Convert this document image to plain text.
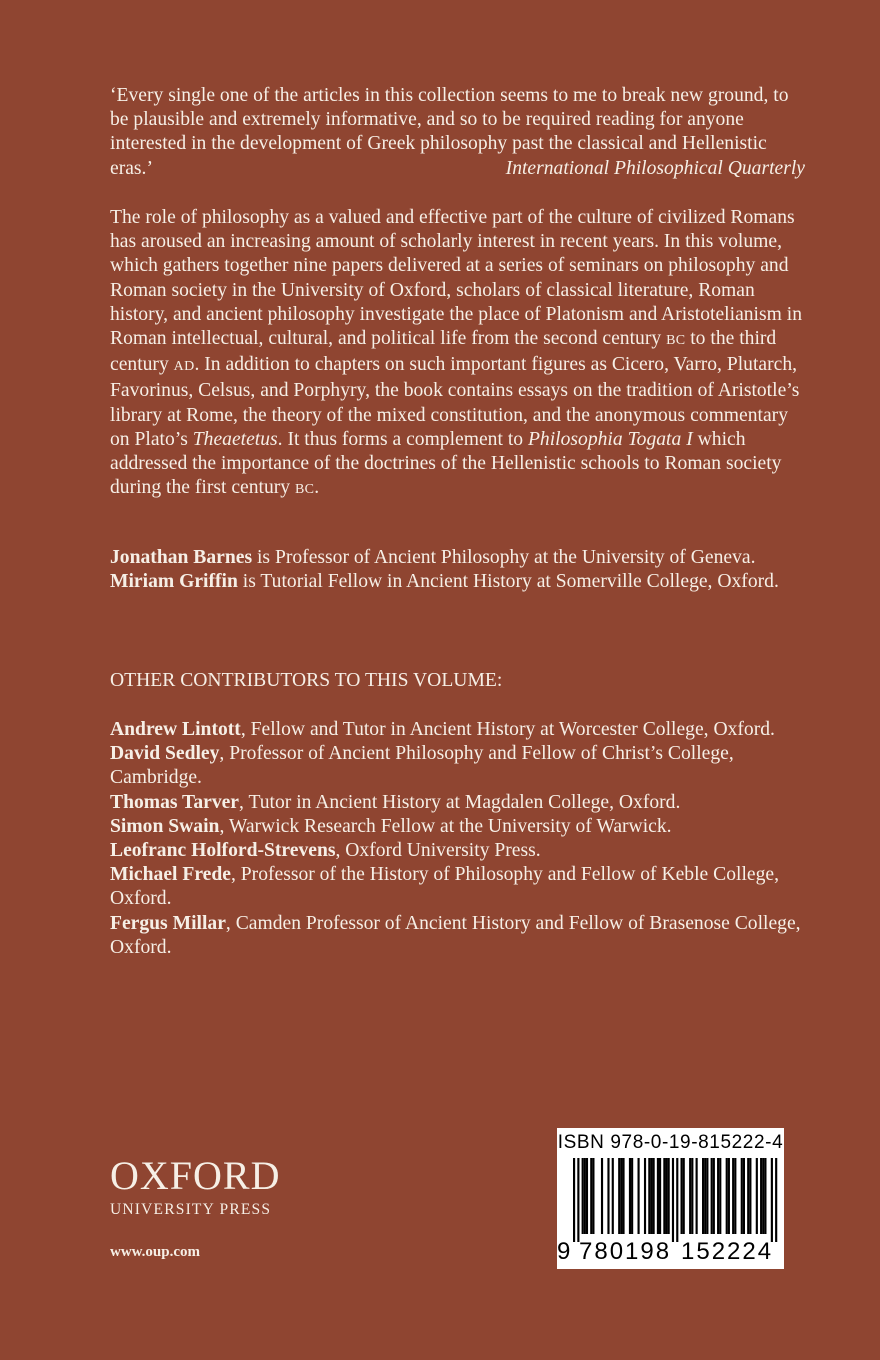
‘Every single one of the articles in this collection seems to me to break new ground, to be plausible and extremely informative, and so to be required reading for anyone interested in the development of Greek philosophy past the classical and Hellenistic eras.’	International Philosophical Quarterly

The role of philosophy as a valued and effective part of the culture of civilized Romans has aroused an increasing amount of scholarly interest in recent years. In this volume, which gathers together nine papers delivered at a series of seminars on philosophy and Roman society in the University of Oxford, scholars of classical literature, Roman history, and ancient philosophy investigate the place of Platonism and Aristotelianism in Roman intellectual, cultural, and political life from the second century BC to the third century AD. In addition to chapters on such important figures as Cicero, Varro, Plutarch, Favorinus, Celsus, and Porphyry, the book contains essays on the tradition of Aristotle’s library at Rome, the theory of the mixed constitution, and the anonymous commentary on Plato’s Theaetetus. It thus forms a complement to Philosophia Togata I which addressed the importance of the doctrines of the Hellenistic schools to Roman society during the first century BC.

Jonathan Barnes is Professor of Ancient Philosophy at the University of Geneva.

Miriam Griffin is Tutorial Fellow in Ancient History at Somerville College, Oxford.

OTHER CONTRIBUTORS TO THIS VOLUME:

Andrew Lintott, Fellow and Tutor in Ancient History at Worcester College, Oxford.

David Sedley, Professor of Ancient Philosophy and Fellow of Christ’s College, Cambridge.

Thomas Tarver, Tutor in Ancient History at Magdalen College, Oxford.

Simon Swain, Warwick Research Fellow at the University of Warwick.

Leofranc Holford-Strevens, Oxford University Press.

Michael Frede, Professor of the History of Philosophy and Fellow of Keble College, Oxford.

Fergus Millar, Camden Professor of Ancient History and Fellow of Brasenose College, Oxford.

OXFORD
UNIVERSITY PRESS
www.oup.com
ISBN 978-0-19-815222-4
9 780198 152224
